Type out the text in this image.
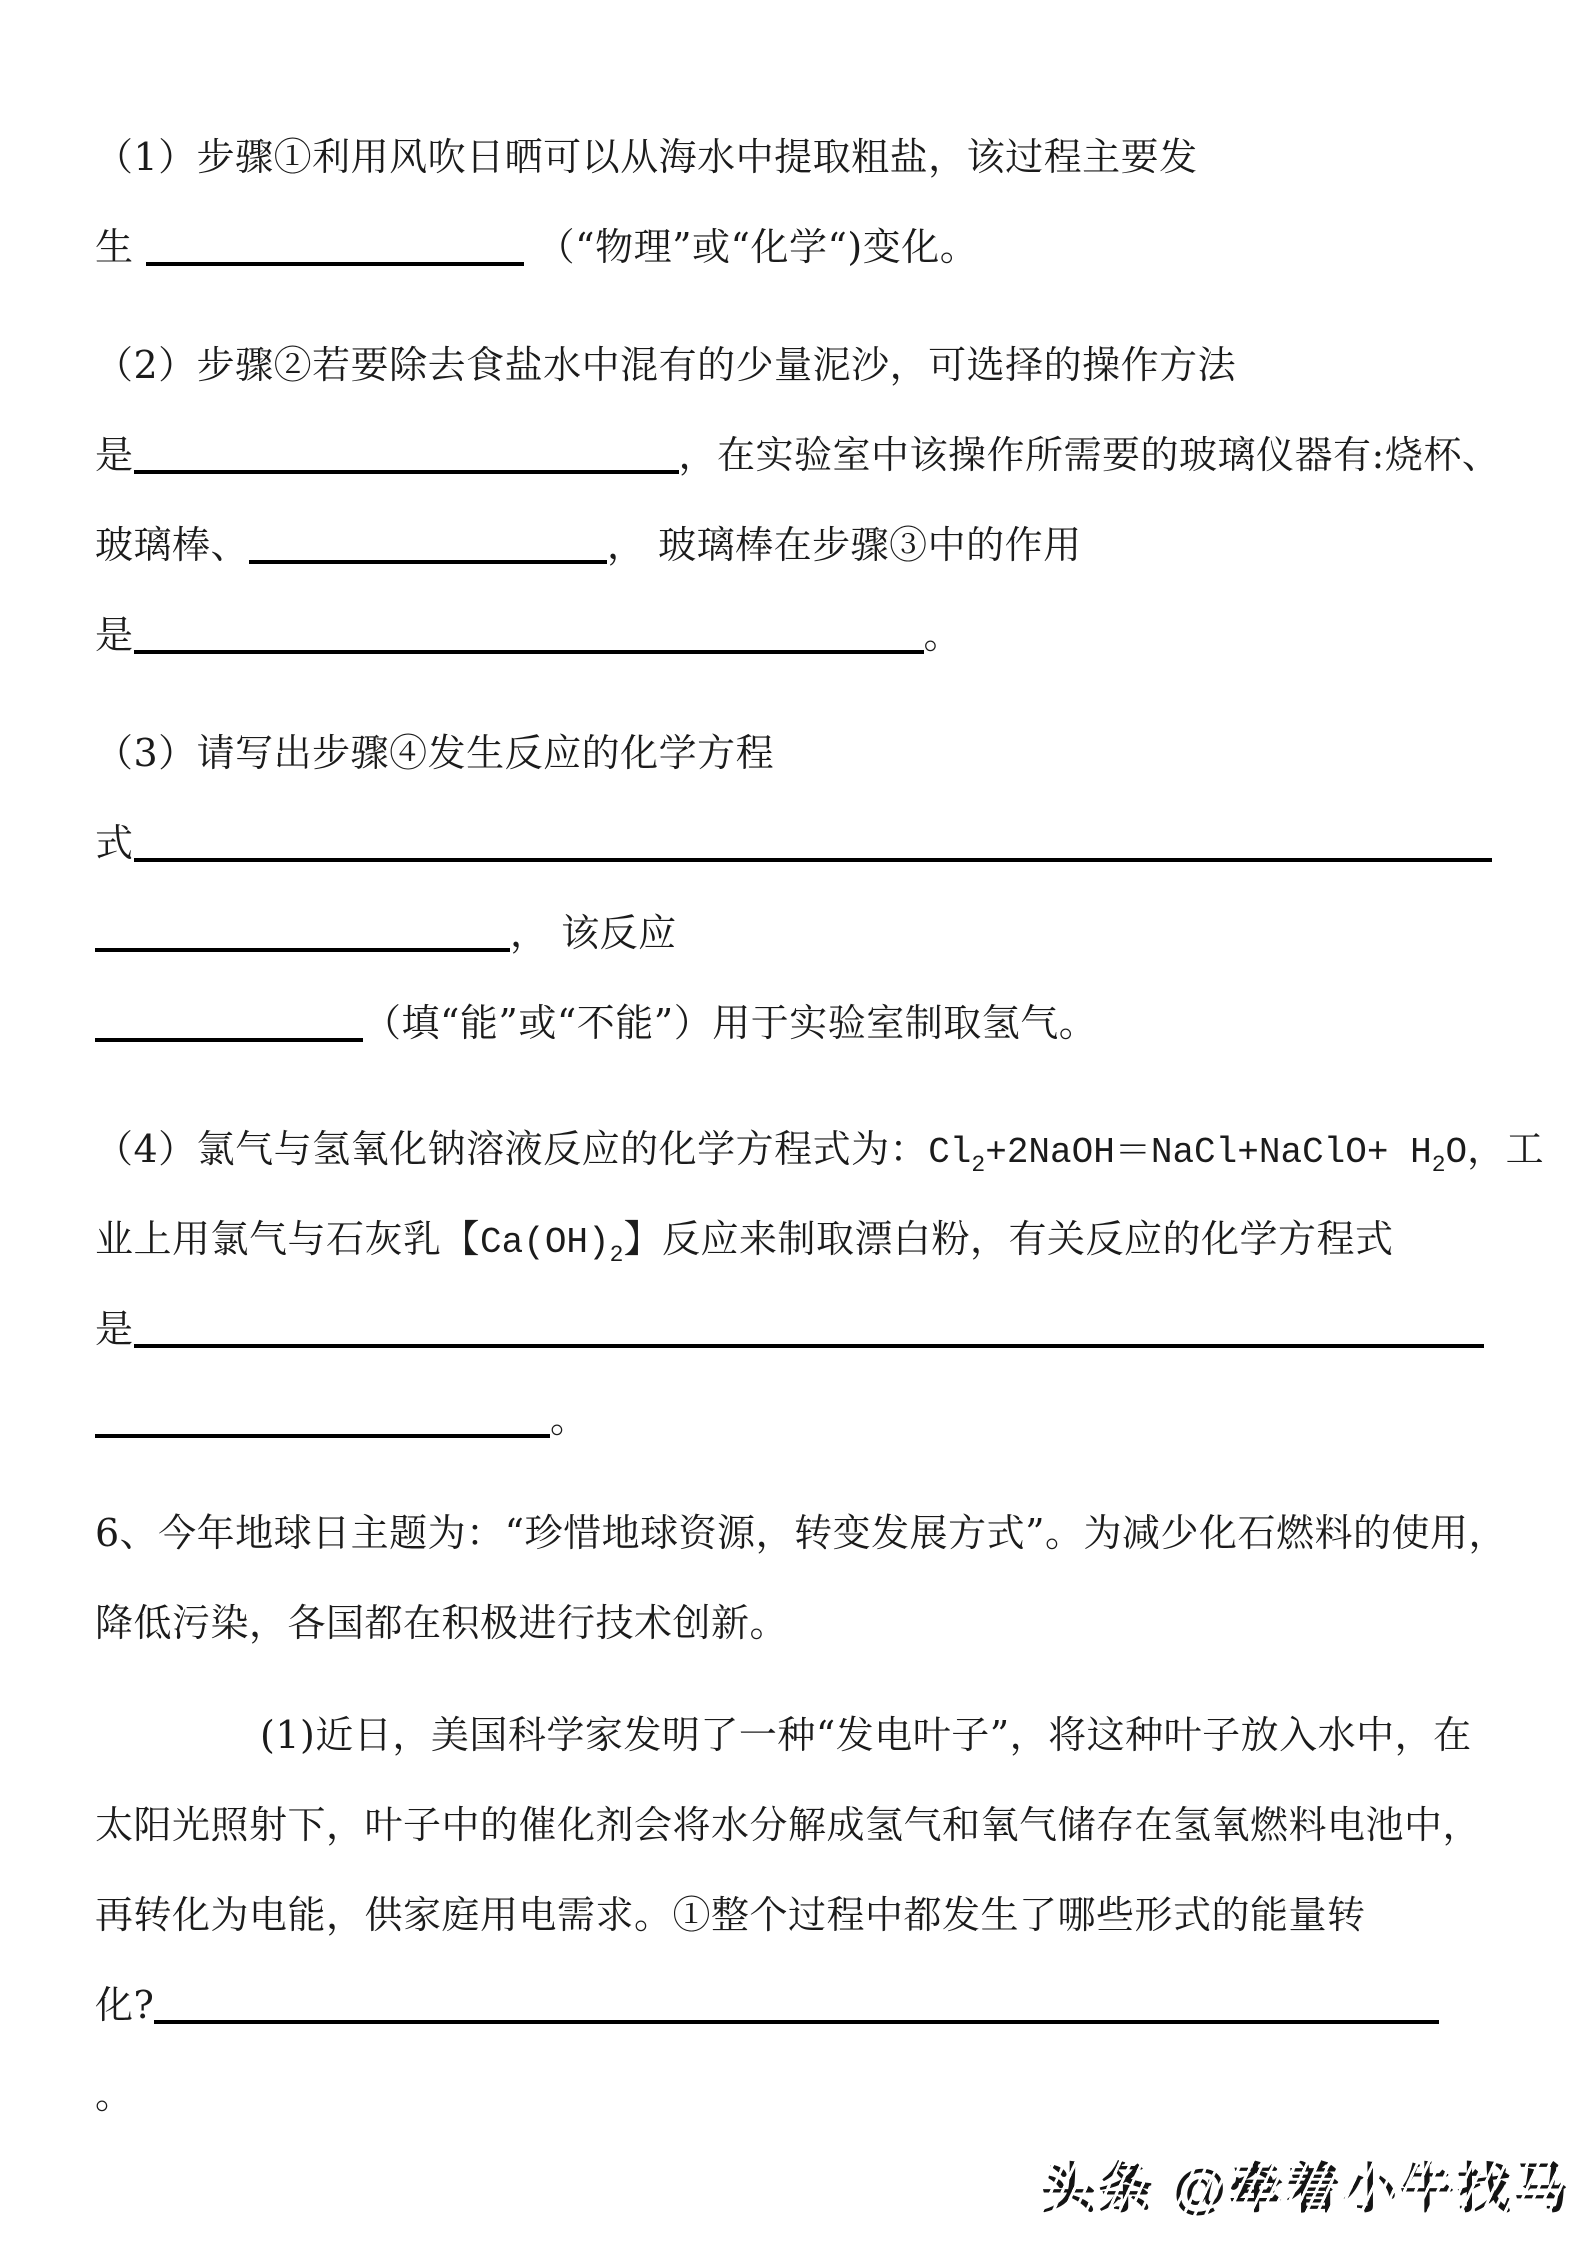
（1）步骤①利用风吹日晒可以从海水中提取粗盐，该过程主要发
生	（“物理”或“化学“)变化。
（2）步骤②若要除去食盐水中混有的少量泥沙，可选择的操作方法
是	，在实验室中该操作所需要的玻璃仪器有:烧杯、
玻璃棒、	， 玻璃棒在步骤③中的作用
是	。
（3）请写出步骤④发生反应的化学方程
式
， 该反应
（填“能”或“不能”）用于实验室制取氢气。
（4）氯气与氢氧化钠溶液反应的化学方程式为：$Cl_2+2NaOH=NaCl+NaClO+ H_2O$，工
业上用氯气与石灰乳【$Ca(OH)_2$】反应来制取漂白粉，有关反应的化学方程式
是
。
6、今年地球日主题为：“珍惜地球资源，转变发展方式”。为减少化石燃料的使用，
降低污染，各国都在积极进行技术创新。
(1)近日，美国科学家发明了一种“发电叶子”，将这种叶子放入水中，在
太阳光照射下，叶子中的催化剂会将水分解成氢气和氧气储存在氢氧燃料电池中，
再转化为电能，供家庭用电需求。①整个过程中都发生了哪些形式的能量转
化?
。
头条 @牵着小牛找马
